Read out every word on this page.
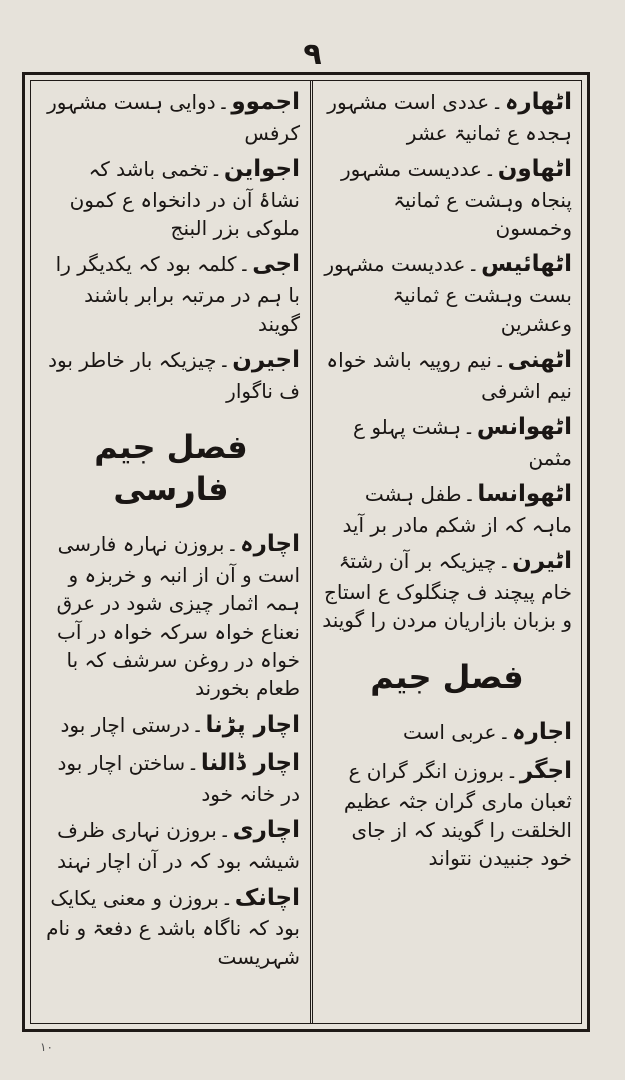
۹

اٹھارہ۔عددی است مشہور ہجدہ ع ثمانیۃ عشر

اٹھاون۔عددیست مشہور پنجاہ وہشت ع ثمانیۃ وخمسون

اٹھائیس۔عددیست مشہور بست وہشت ع ثمانیۃ وعشرین

اٹھنی۔نیم روپیہ باشد خواہ نیم اشرفی

اٹھوانس۔ہشت پہلو ع مثمن

اٹھوانسا۔طفل ہشت ماہہ کہ از شکم مادر بر آید

اٹیرن۔چیزیکہ بر آن رشتۂ خام پیچند ف چنگلوک ع استاج و بزبان بازاریان مردن را گویند

فصل جیم

اجارہ۔عربی است

اجگر۔بروزن انگر گران ع ثعبان ماری گران جثہ عظیم الخلقت را گویند کہ از جای خود جنبیدن نتواند

اجموو۔دوایی ہست مشہور کرفس

اجواین۔تخمی باشد کہ نشاۂ آن در دانخواہ ع کمون ملوکی بزر البنج

اجی۔کلمہ بود کہ یکدیگر را با ہم در مرتبہ برابر باشند گویند

اجیرن۔چیزیکہ بار خاطر بود ف ناگوار

فصل جیم فارسی

اچارہ۔بروزن نہارہ فارسی است و آن از انبہ و خربزہ و ہمہ اثمار چیزی شود در عرق نعناع خواہ سرکہ خواہ در آب خواہ در روغن سرشف کہ با طعام بخورند

اچار پڑنا۔درستی اچار بود

اچار ڈالنا۔ساختن اچار بود در خانہ خود

اچاری۔بروزن نہاری ظرف شیشہ بود کہ در آن اچار نہند

اچانک۔بروزن و معنی یکایک بود کہ ناگاہ باشد ع دفعۃ و نام شہریست

۱۰
